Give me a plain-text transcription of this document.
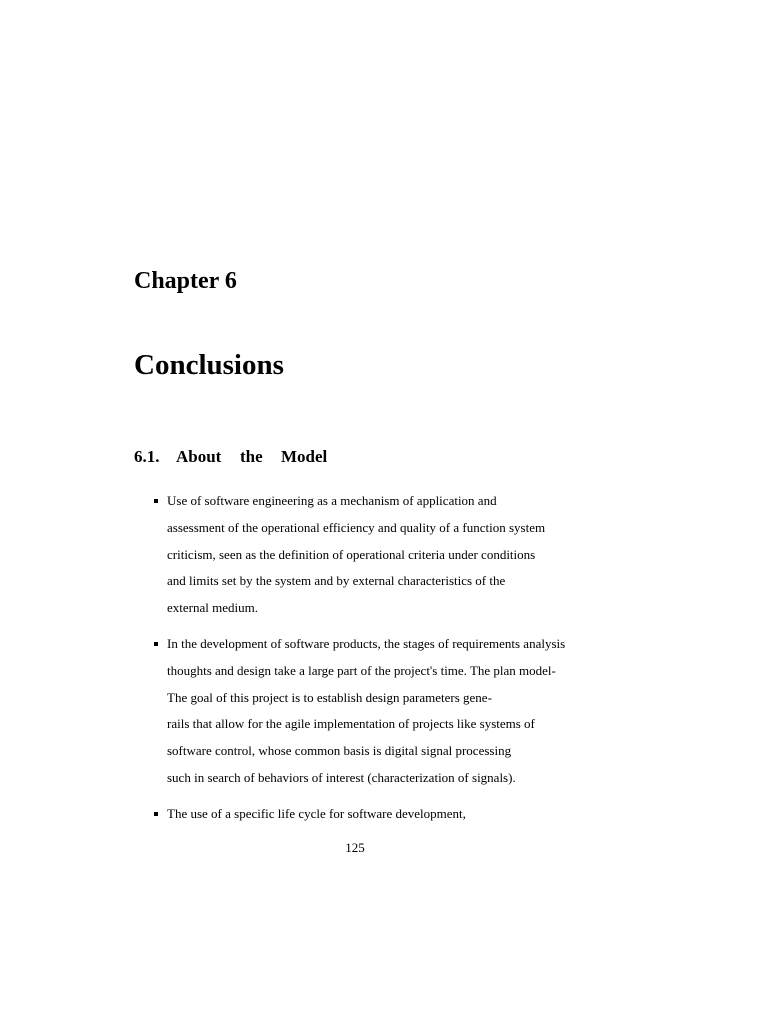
Chapter 6
Conclusions
6.1. About the Model
Use of software engineering as a mechanism of application and
assessment of the operational efficiency and quality of a function system
criticism, seen as the definition of operational criteria under conditions
and limits set by the system and by external characteristics of the
external medium.
In the development of software products, the stages of requirements analysis
thoughts and design take a large part of the project's time. The plan model-
The goal of this project is to establish design parameters gene-
rails that allow for the agile implementation of projects like systems of
software control, whose common basis is digital signal processing
such in search of behaviors of interest (characterization of signals).
The use of a specific life cycle for software development,
125
